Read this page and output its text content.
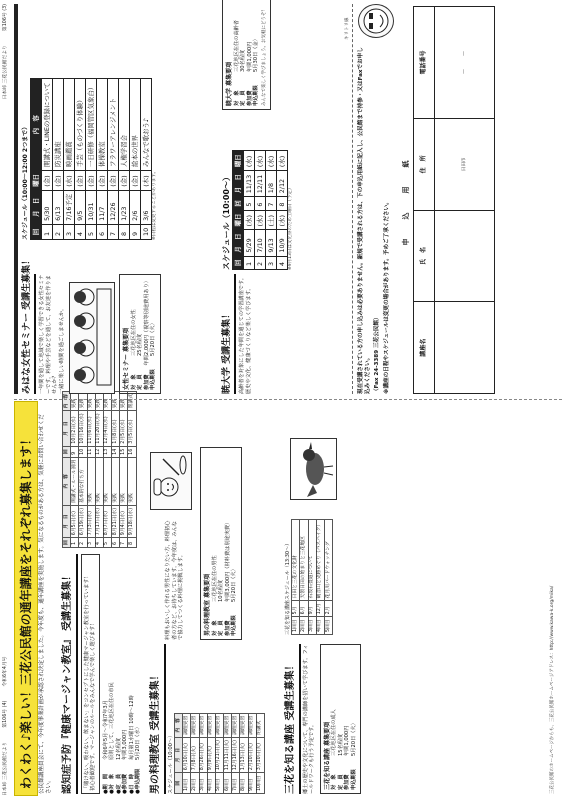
日本峠 三花公民館だより
第106号 (4)
令和6年4月号
日本峠 三花公民館だより
第106号 (3)
わくわく♪楽しい！三花公民館の通年講座をそれぞれ募集します！ 公民館講座員会にて、今年度事業計画が承認され決定しました。今年度も、通年講座を実施します。気になるものがある方は、気軽にお問い合わせください。 認知症予防『健康マージャン教室』 受講生募集！	「賭けない、吸わない、飲まない」をコンセプトにした健康マージャン教室を行っています！ 初心者歓迎です。マージャンのルールをみんなで学んで楽しく遊びます！ ●期　間
令和6年5月〜令和7年3月
●対　象
原則として、三花地区在住の市民
●定　員
12名程度
●参加費
年間3,000円
●日　時
毎月第1水曜日 10時〜12時
●申込期限
5月20日（水）
回	月　日	内　容	回	月　日	内　容
1	6月5日(水)	開講式・ルール説明	9	10月2日(水)	実践
2	6月19日(水)	基本的な打ち方	10	10月16日(水)	実践
3	7月3日(水)	実践	11	11月6日(水)	実践
4	7月17日(水)	実践	12	11月20日(水)	実践
5	8月7日(水)	実践	13	12月4日(水)	実践
6	8月21日(水)	実践	14	1月8日(水)	実践
7	9月4日(水)	実践	15	2月5日(水)	実践
8	9月18日(水)	実践	16	3月5日(水)	閉講式
男の料理教室 受講生募集！	スケジュール（10:00〜） 回	月　日	内　容
1回目	6月10日(火)	調理実習
2回目	7月8日(火)	調理実習
3回目	8月26日(火)	調理実習
4回目	9月9日(火)	調理実習
5回目	10月21日(火)	調理実習
6回目	11月11日(火)	調理実習
7回目	12月16日(火)	調理実習
8回目	1月13日(火)	調理実習
9回目	2月10日(火)	調理実習
10回目	3月10日(火)	閉講式
料理もおいしく作れる男性になりたい方、料理初心者の方など、お待ちしています。今年度は、みんなで協力してつくる料理に挑戦します。	男の料理教室 募集要項 対　象
三花地区在住の男性
定　員
10名程度
参加費
年間3,000円（材料費は別途実費）
申込期限
5月20日（火）
三花を知る講座 受講生募集！	郷土の歴史や文化について、専門の講師を招いて学びます。フィールドワークも行う予定です。 三花を知る講座 募集要項 対　象
三花地区在住の成人
定　員
15名程度
参加費
年間1,000円
申込期限
5月20日（火）
三花を知る講座スケジュール（13:30〜） 1回目	5月	日田と三花の文化財
2回目	6月	天領日田の始まりと三花地区
3回目	9月	石坂石畳道について
4回目	12月	観音山と史跡めぐり（バスハイク）
5回目	2月	花月川バードウォッチング
三花公民館のホームページからも、三花公民館ホームページアドレス：http://www.kawa-k.org/mika/
みはな女性セミナー 受講生募集！	一年間を通して地域で楽しく学習できる女性セミナーです。料理や手芸などを通して、お友達を作りませんか？ 一緒に楽しい時間を過ごしませんか。	女性セミナー 募集要項 対　象
三花地区在住の女性
定　員
25名程度
参加費
年間2,000円（視察等別途費用あり）
申込期限
5月20日（火）
スケジュール（10:00〜12:00 2つまで） 回	月　日	曜日	内　容
1	5/30	(金)	開講式・LINEの登録について
2	6/13	(金)	防災講座
3	7/16予定	(水)	映画鑑賞
4	9/5	(金)	手芸（ものづくり体験）
5	10/31	(金)	一日研修（福岡管区気象台）
6	11/7	(金)	体操教室
7	12/26	(金)	フラワーアレンジメント
8	1/23	(金)	人権学習会
9	2/6	(金)	絵本の世界
10	3/6	(木)	みんなで歌おう♪
※日程は変更することがあります。
暁大学 受講生募集！	高齢者を対象にした年間を通じての学習講座です。歴史や文化、健康づくりなど楽しく学びます。
スケジュール（10:00〜） 回	月　日	曜日	回	月　日	曜日
1	5/29	(水)	5	11/13	(水)
2	7/10	(水)	6	12/11	(水)
3	9/13	(土)	7	1/8	(水)
4	10/9	(水)	8	2/12	(水)
※9月13日は文化祭のため土曜日（予定）
暁大学 募集要項 対　象
三花地区在住の高齢者
定　員
30名程度
参加費
年間1,000円
申込期限
5月30日（金） みんなで楽しく学びましょう。お気軽にどうぞ！	キリトリ線
現在受講されている方の申し込みは必要ありません。新規で受講される方は、下の申込用紙に記入し、公民館まで持参・又はFaxでお申し込みください。 （Fax 24-3389 三花公民館） ※講座の日程やスケジュールは変更の場合があります。予めご了承ください。 申　込　用　紙
講座名	氏　名	住　所	電話番号
		日田市	－　　－
